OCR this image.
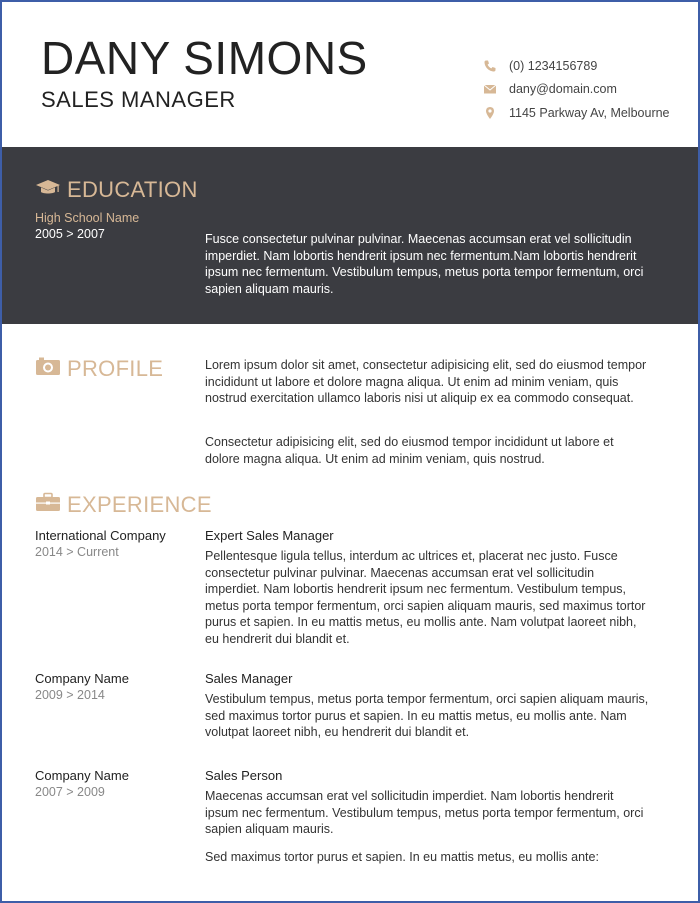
DANY SIMONS
SALES MANAGER
(0) 1234156789
dany@domain.com
1145 Parkway Av, Melbourne
EDUCATION
High School Name
2005 > 2007	Fusce consectetur pulvinar pulvinar. Maecenas accumsan erat vel sollicitudin imperdiet. Nam lobortis hendrerit ipsum nec fermentum.Nam lobortis hendrerit ipsum nec fermentum. Vestibulum tempus, metus porta tempor fermentum, orci sapien aliquam mauris.
PROFILE	Lorem ipsum dolor sit amet, consectetur adipisicing elit, sed do eiusmod tempor incididunt ut labore et dolore magna aliqua. Ut enim ad minim veniam, quis nostrud exercitation ullamco laboris nisi ut aliquip ex ea commodo consequat.
Consectetur adipisicing elit, sed do eiusmod tempor incididunt ut labore et dolore magna aliqua. Ut enim ad minim veniam, quis nostrud.
EXPERIENCE
International Company
2014 > Current
Expert Sales Manager
Pellentesque ligula tellus, interdum ac ultrices et, placerat nec justo. Fusce consectetur pulvinar pulvinar. Maecenas accumsan erat vel sollicitudin imperdiet. Nam lobortis hendrerit ipsum nec fermentum. Vestibulum tempus, metus porta tempor fermentum, orci sapien aliquam mauris, sed maximus tortor purus et sapien. In eu mattis metus, eu mollis ante. Nam volutpat laoreet nibh, eu hendrerit dui blandit et.
Company Name
2009 > 2014
Sales Manager
Vestibulum tempus, metus porta tempor fermentum, orci sapien aliquam mauris, sed maximus tortor purus et sapien. In eu mattis metus, eu mollis ante. Nam volutpat laoreet nibh, eu hendrerit dui blandit et.
Company Name
2007 > 2009
Sales Person
Maecenas accumsan erat vel sollicitudin imperdiet. Nam lobortis hendrerit ipsum nec fermentum. Vestibulum tempus, metus porta tempor fermentum, orci sapien aliquam mauris.
Sed maximus tortor purus et sapien. In eu mattis metus, eu mollis ante:
